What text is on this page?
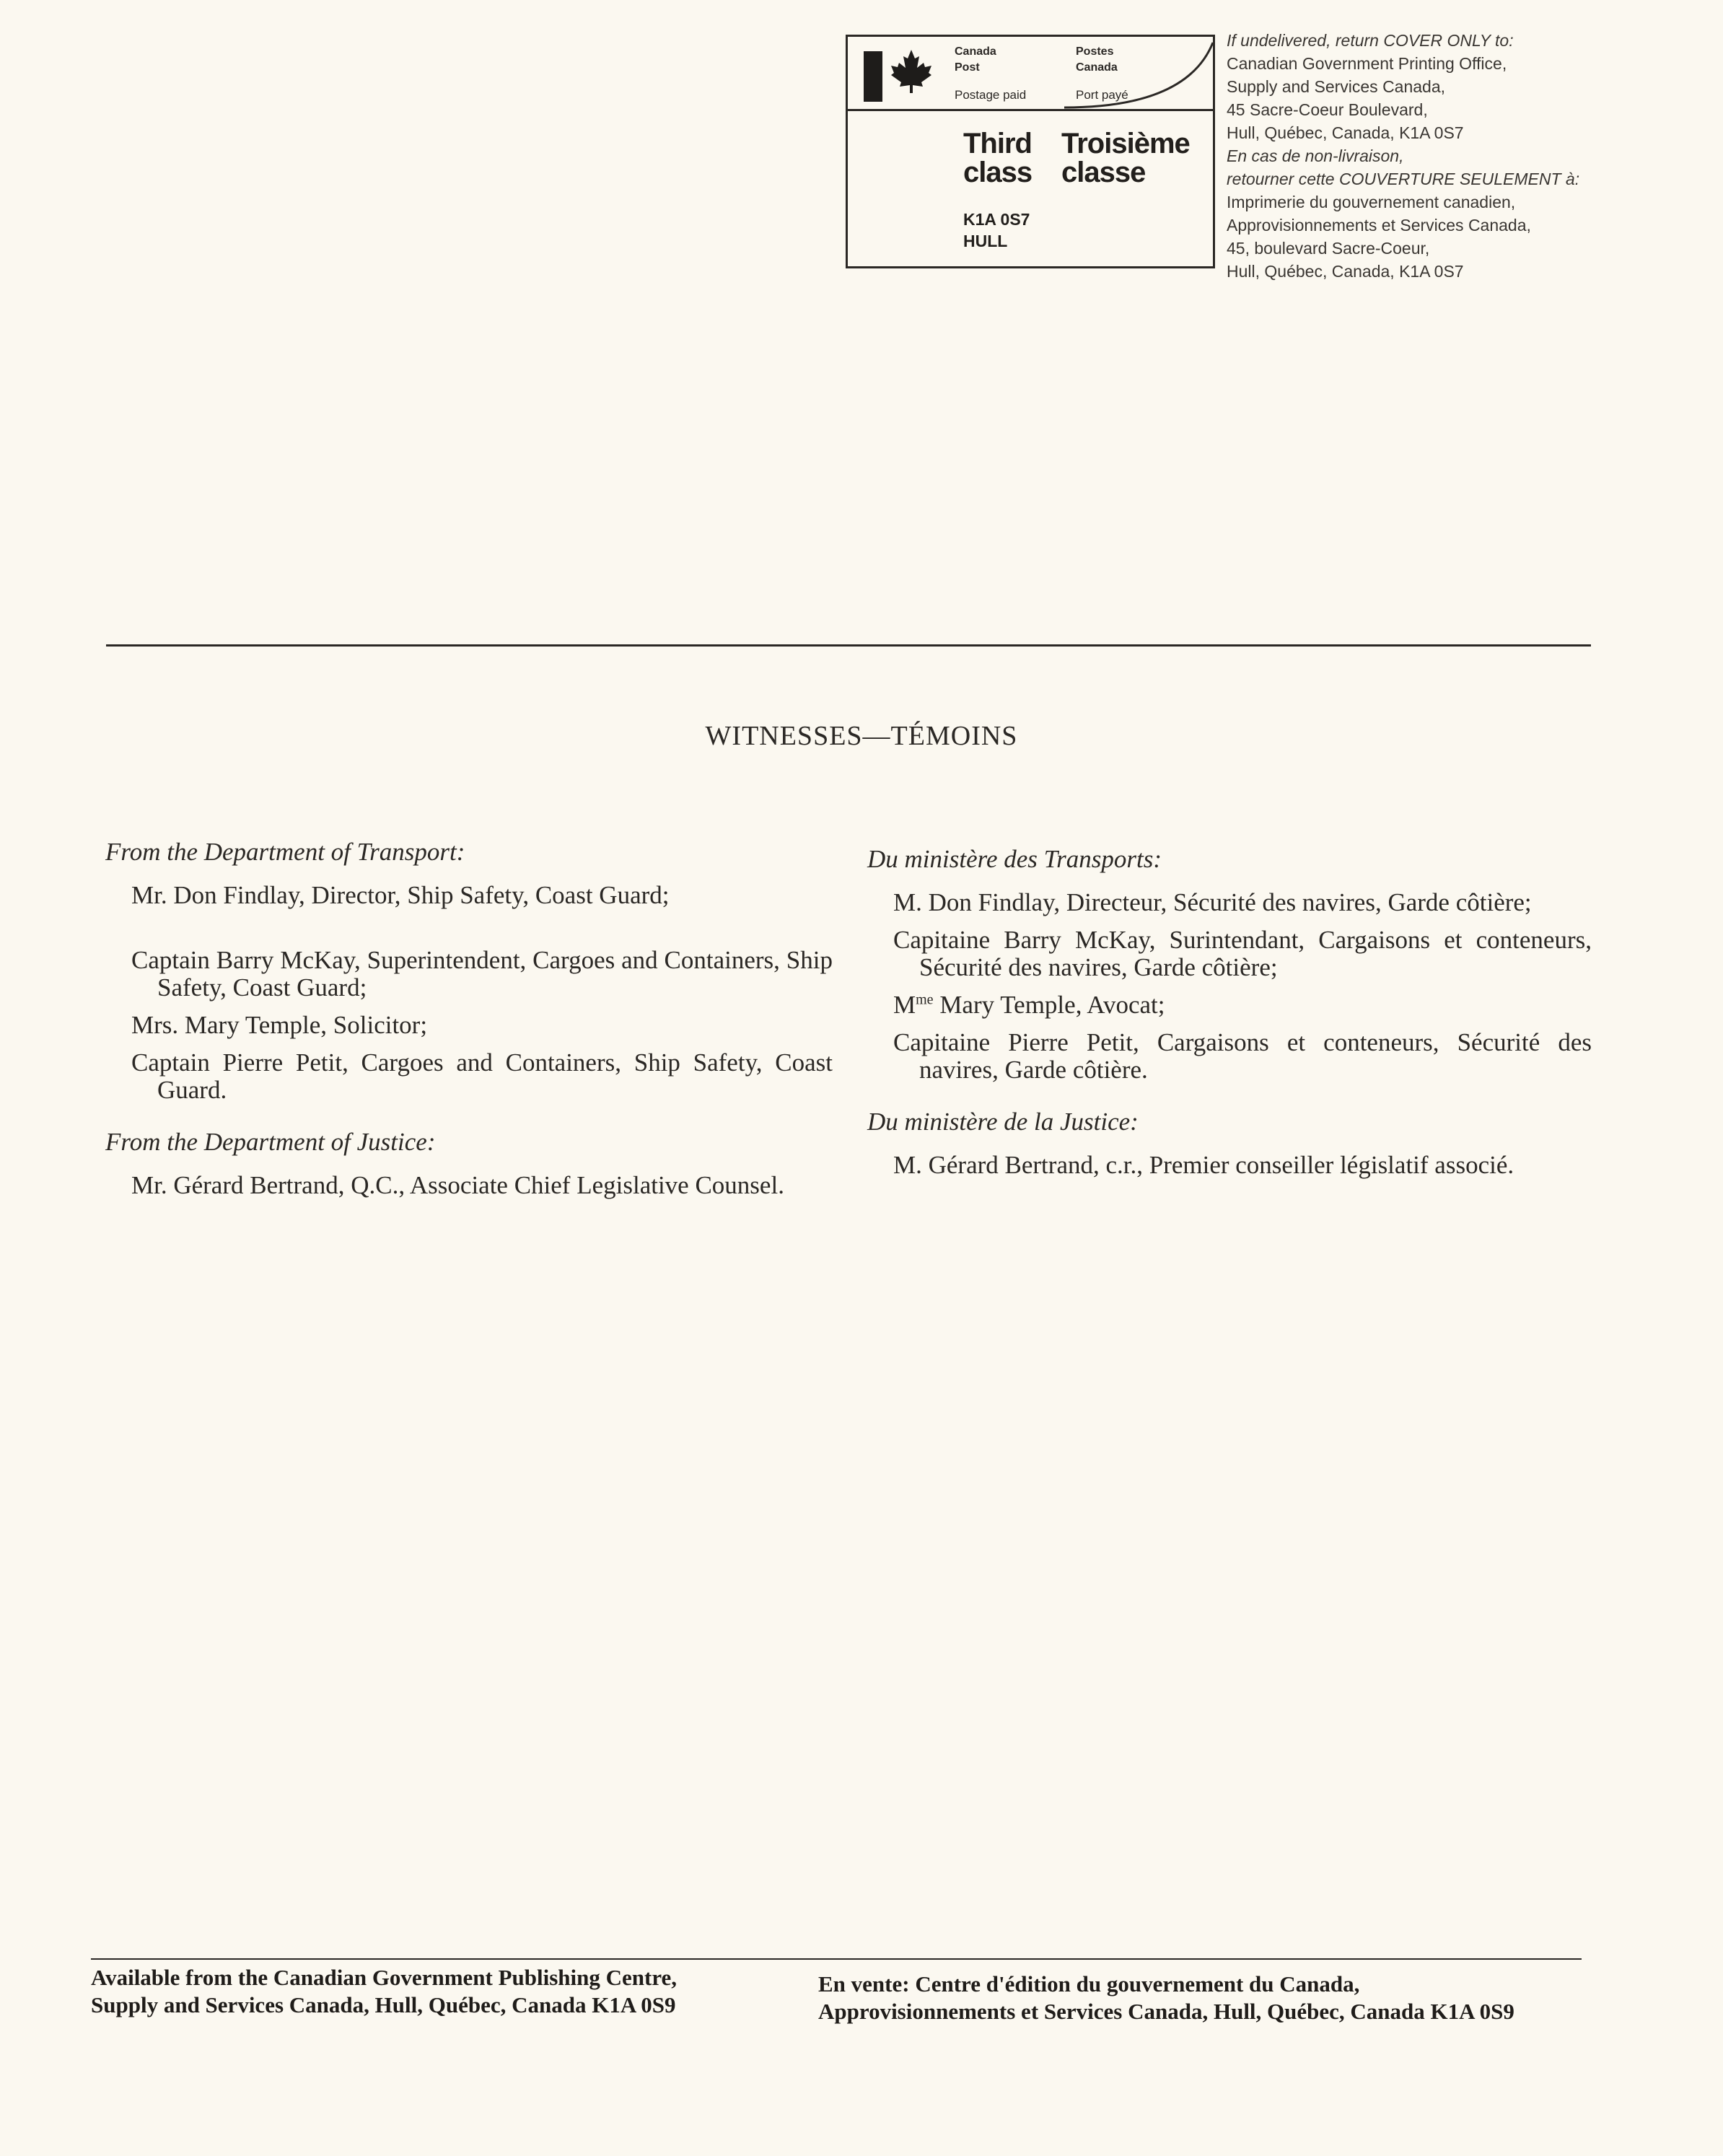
Canada
Post
Postes
Canada
Postage paid	Port payé
Third
class
Troisième
classe
K1A 0S7
HULL
If undelivered, return COVER ONLY to:
Canadian Government Printing Office,
Supply and Services Canada,
45 Sacre-Coeur Boulevard,
Hull, Québec, Canada, K1A 0S7
En cas de non-livraison,
retourner cette COUVERTURE SEULEMENT à:
Imprimerie du gouvernement canadien,
Approvisionnements et Services Canada,
45, boulevard Sacre-Coeur,
Hull, Québec, Canada, K1A 0S7
WITNESSES—TÉMOINS
From the Department of Transport:
Mr. Don Findlay, Director, Ship Safety, Coast Guard;
Captain Barry McKay, Superintendent, Cargoes and Containers, Ship Safety, Coast Guard;
Mrs. Mary Temple, Solicitor;
Captain Pierre Petit, Cargoes and Containers, Ship Safety, Coast Guard.
From the Department of Justice:
Mr. Gérard Bertrand, Q.C., Associate Chief Legislative Counsel.
Du ministère des Transports:
M. Don Findlay, Directeur, Sécurité des navires, Garde côtière;
Capitaine Barry McKay, Surintendant, Cargaisons et conteneurs, Sécurité des navires, Garde côtière;
$M^{me}$ Mary Temple, Avocat;
Capitaine Pierre Petit, Cargaisons et conteneurs, Sécurité des navires, Garde côtière.
Du ministère de la Justice:
M. Gérard Bertrand, c.r., Premier conseiller législatif associé.
Available from the Canadian Government Publishing Centre,
Supply and Services Canada, Hull, Québec, Canada K1A 0S9
En vente: Centre d'édition du gouvernement du Canada,
Approvisionnements et Services Canada, Hull, Québec, Canada K1A 0S9
